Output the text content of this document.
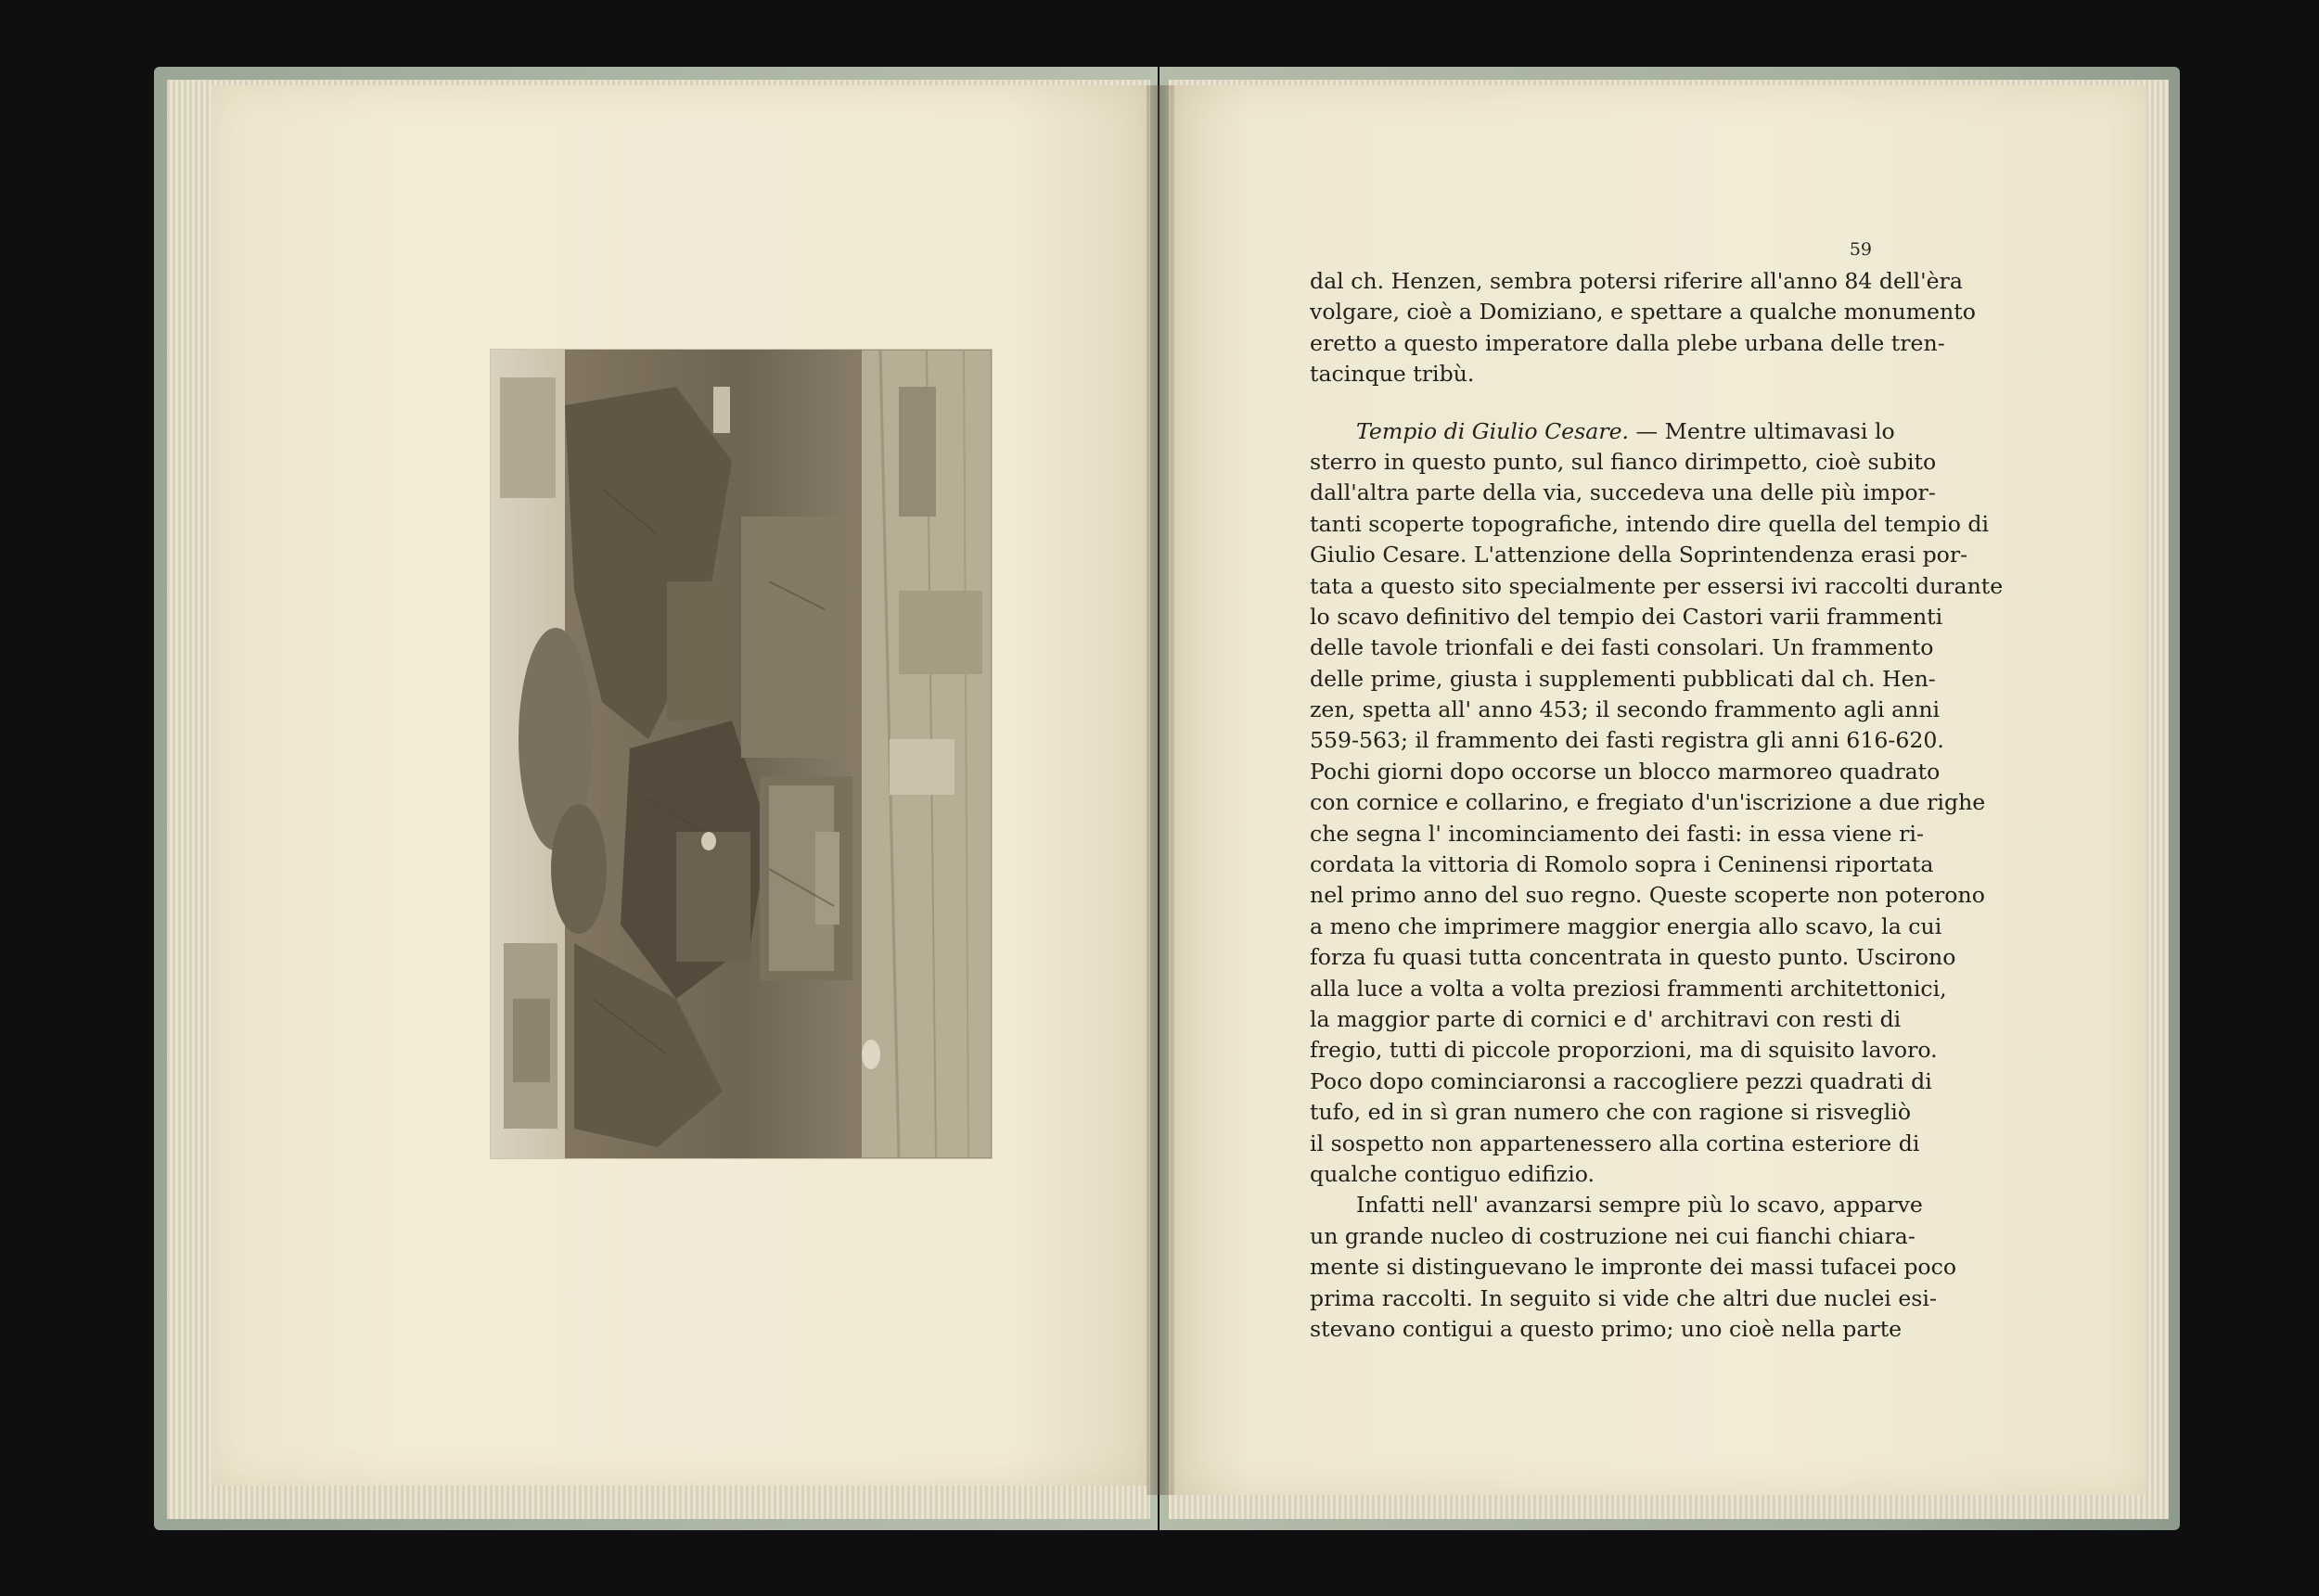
59
dal ch. Henzen, sembra potersi riferire all'anno 84 dell'èra
volgare, cioè a Domiziano, e spettare a qualche monumento
eretto a questo imperatore dalla plebe urbana delle tren-
tacinque tribù.
Tempio di Giulio Cesare. — Mentre ultimavasi lo
sterro in questo punto, sul fianco dirimpetto, cioè subito
dall'altra parte della via, succedeva una delle più impor-
tanti scoperte topografiche, intendo dire quella del tempio di
Giulio Cesare. L'attenzione della Soprintendenza erasi por-
tata a questo sito specialmente per essersi ivi raccolti durante
lo scavo definitivo del tempio dei Castori varii frammenti
delle tavole trionfali e dei fasti consolari. Un frammento
delle prime, giusta i supplementi pubblicati dal ch. Hen-
zen, spetta all' anno 453; il secondo frammento agli anni
559-563; il frammento dei fasti registra gli anni 616-620.
Pochi giorni dopo occorse un blocco marmoreo quadrato
con cornice e collarino, e fregiato d'un'iscrizione a due righe
che segna l' incominciamento dei fasti: in essa viene ri-
cordata la vittoria di Romolo sopra i Ceninensi riportata
nel primo anno del suo regno. Queste scoperte non poterono
a meno che imprimere maggior energia allo scavo, la cui
forza fu quasi tutta concentrata in questo punto. Uscirono
alla luce a volta a volta preziosi frammenti architettonici,
la maggior parte di cornici e d' architravi con resti di
fregio, tutti di piccole proporzioni, ma di squisito lavoro.
Poco dopo cominciaronsi a raccogliere pezzi quadrati di
tufo, ed in sì gran numero che con ragione si risvegliò
il sospetto non appartenessero alla cortina esteriore di
qualche contiguo edifizio.
Infatti nell' avanzarsi sempre più lo scavo, apparve
un grande nucleo di costruzione nei cui fianchi chiara-
mente si distinguevano le impronte dei massi tufacei poco
prima raccolti. In seguito si vide che altri due nuclei esi-
stevano contigui a questo primo; uno cioè nella parte
